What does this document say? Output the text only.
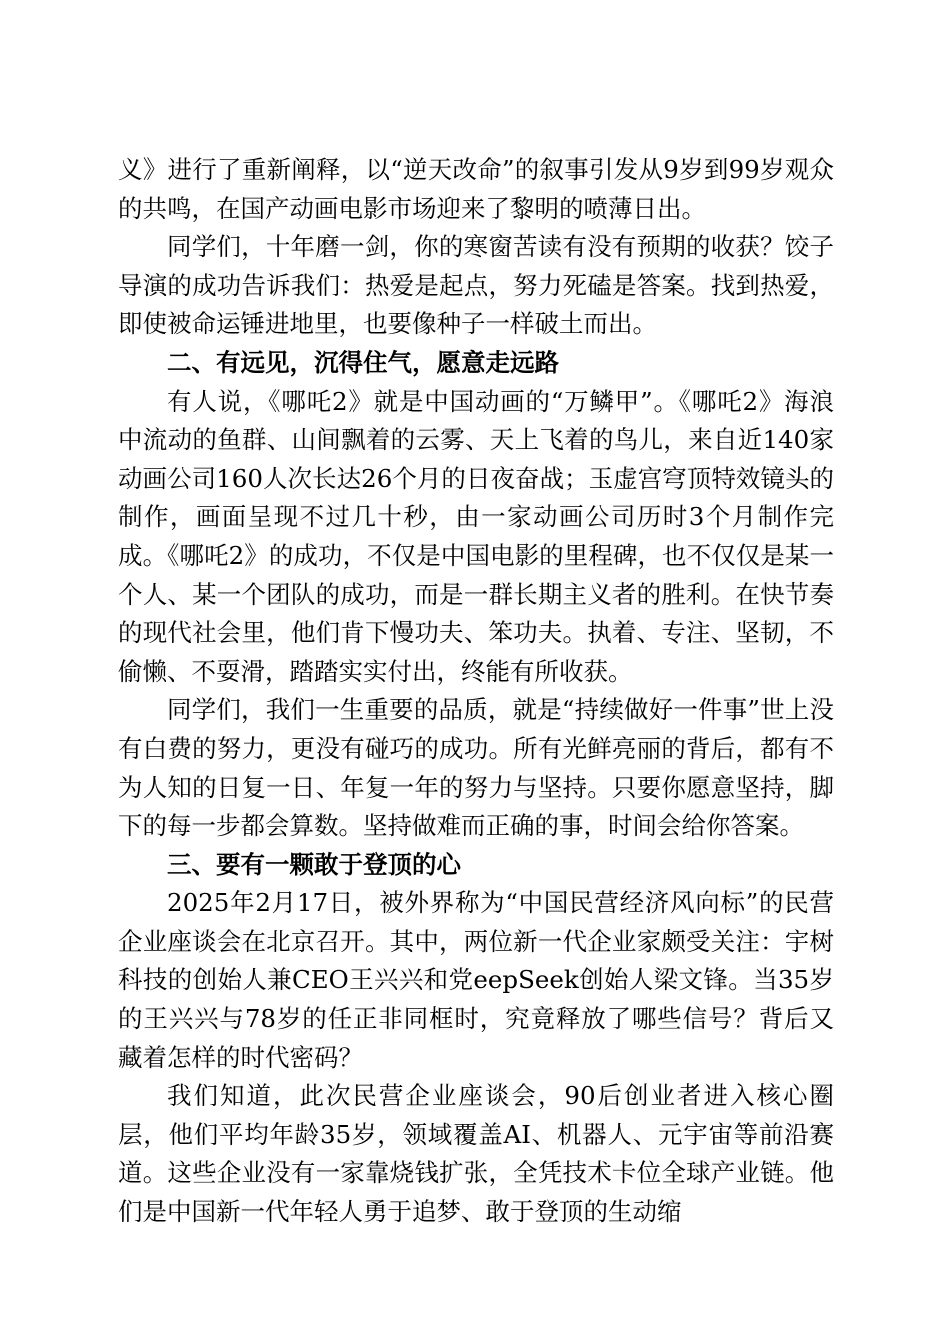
义》进行了重新阐释，以“逆天改命”的叙事引发从9岁到99岁观众的共鸣，在国产动画电影市场迎来了黎明的喷薄日出。

同学们，十年磨一剑，你的寒窗苦读有没有预期的收获？饺子导演的成功告诉我们：热爱是起点，努力死磕是答案。找到热爱，即使被命运锤进地里，也要像种子一样破土而出。

二、有远见，沉得住气，愿意走远路

有人说，《哪吒2》就是中国动画的“万鳞甲”。《哪吒2》海浪中流动的鱼群、山间飘着的云雾、天上飞着的鸟儿，来自近140家动画公司160人次长达26个月的日夜奋战；玉虚宫穹顶特效镜头的制作，画面呈现不过几十秒，由一家动画公司历时3个月制作完成。《哪吒2》的成功，不仅是中国电影的里程碑，也不仅仅是某一个人、某一个团队的成功，而是一群长期主义者的胜利。在快节奏的现代社会里，他们肯下慢功夫、笨功夫。执着、专注、坚韧，不偷懒、不耍滑，踏踏实实付出，终能有所收获。

同学们，我们一生重要的品质，就是“持续做好一件事”世上没有白费的努力，更没有碰巧的成功。所有光鲜亮丽的背后，都有不为人知的日复一日、年复一年的努力与坚持。只要你愿意坚持，脚下的每一步都会算数。坚持做难而正确的事，时间会给你答案。

三、要有一颗敢于登顶的心

2025年2月17日，被外界称为“中国民营经济风向标”的民营企业座谈会在北京召开。其中，两位新一代企业家颇受关注：宇树科技的创始人兼CEO王兴兴和党eepSeek创始人梁文锋。当35岁的王兴兴与78岁的任正非同框时，究竟释放了哪些信号？背后又藏着怎样的时代密码？

我们知道，此次民营企业座谈会，90后创业者进入核心圈层，他们平均年龄35岁，领域覆盖AI、机器人、元宇宙等前沿赛道。这些企业没有一家靠烧钱扩张，全凭技术卡位全球产业链。他们是中国新一代年轻人勇于追梦、敢于登顶的生动缩
